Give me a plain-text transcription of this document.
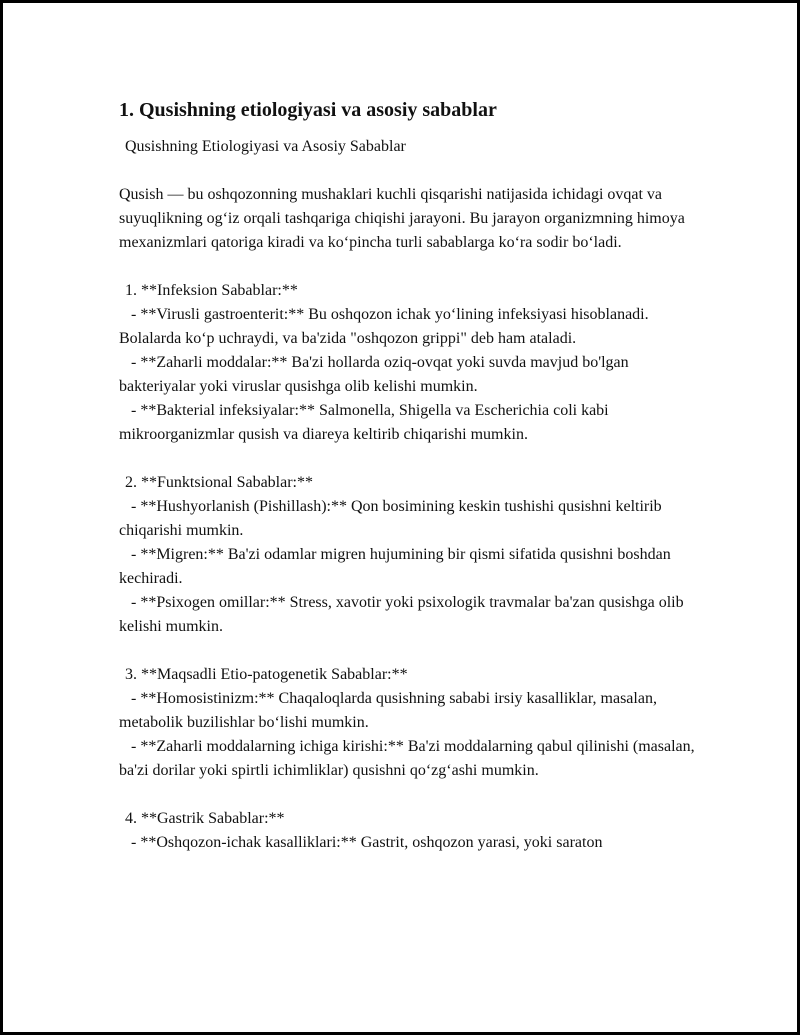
1. Qusishning etiologiyasi va asosiy sabablar
Qusishning Etiologiyasi va Asosiy Sabablar
Qusish — bu oshqozonning mushaklari kuchli qisqarishi natijasida ichidagi ovqat va suyuqlikning og‘iz orqali tashqariga chiqishi jarayoni. Bu jarayon organizmning himoya mexanizmlari qatoriga kiradi va ko‘pincha turli sabablarga ko‘ra sodir bo‘ladi.
1. **Infeksion Sabablar:**
- **Virusli gastroenterit:** Bu oshqozon ichak yo‘lining infeksiyasi hisoblanadi. Bolalarda ko‘p uchraydi, va ba'zida "oshqozon grippi" deb ham ataladi.
- **Zaharli moddalar:** Ba'zi hollarda oziq-ovqat yoki suvda mavjud bo'lgan bakteriyalar yoki viruslar qusishga olib kelishi mumkin.
- **Bakterial infeksiyalar:** Salmonella, Shigella va Escherichia coli kabi mikroorganizmlar qusish va diareya keltirib chiqarishi mumkin.
2. **Funktsional Sabablar:**
- **Hushyorlanish (Pishillash):** Qon bosimining keskin tushishi qusishni keltirib chiqarishi mumkin.
- **Migren:** Ba'zi odamlar migren hujumining bir qismi sifatida qusishni boshdan kechiradi.
- **Psixogen omillar:** Stress, xavotir yoki psixologik travmalar ba'zan qusishga olib kelishi mumkin.
3. **Maqsadli Etio-patogenetik Sabablar:**
- **Homosistinizm:** Chaqaloqlarda qusishning sababi irsiy kasalliklar, masalan, metabolik buzilishlar bo‘lishi mumkin.
- **Zaharli moddalarning ichiga kirishi:** Ba'zi moddalarning qabul qilinishi (masalan, ba'zi dorilar yoki spirtli ichimliklar) qusishni qo‘zg‘ashi mumkin.
4. **Gastrik Sabablar:**
- **Oshqozon-ichak kasalliklari:** Gastrit, oshqozon yarasi, yoki saraton
